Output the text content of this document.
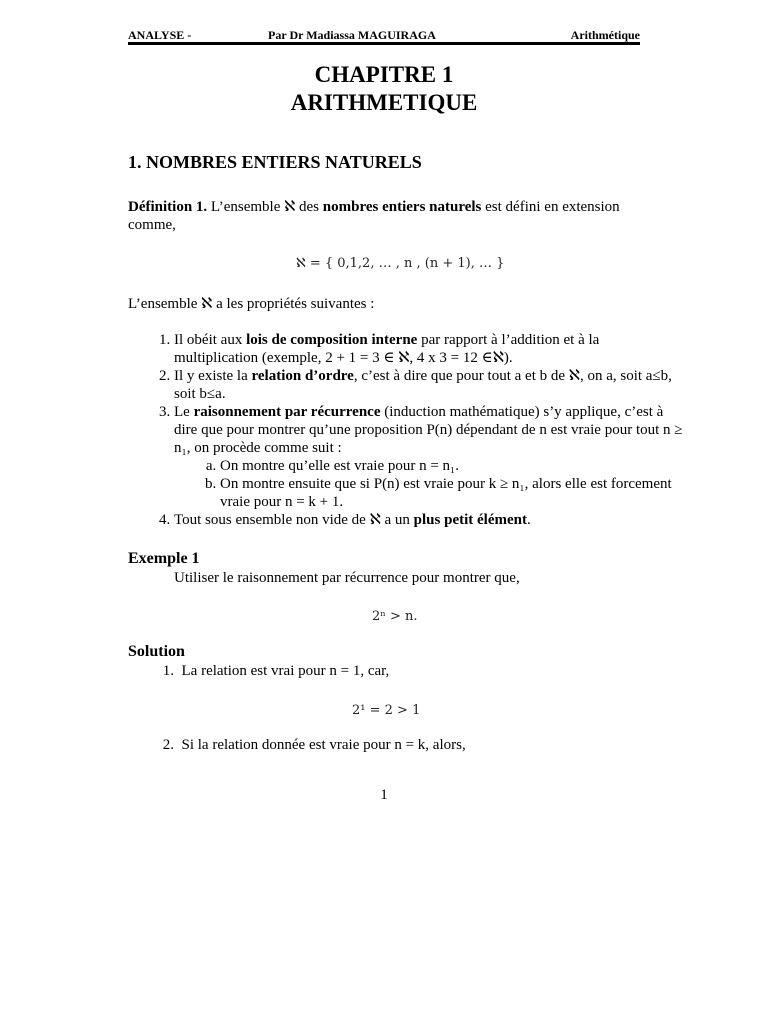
ANALYSE -	Par Dr Madiassa MAGUIRAGA	Arithmétique
CHAPITRE 1
ARITHMETIQUE
1. NOMBRES ENTIERS NATURELS
Définition 1. L’ensemble ℵ des nombres entiers naturels est défini en extension comme,
ℵ = { 0,1,2, … , n , (n + 1), … }
L’ensemble ℵ a les propriétés suivantes :
1. Il obéit aux lois de composition interne par rapport à l’addition et à la multiplication (exemple, 2 + 1 = 3 ∈ ℵ, 4 x 3 = 12 ∈ℵ).
2. Il y existe la relation d’ordre, c’est à dire que pour tout a et b de ℵ, on a, soit a≤b, soit b≤a.
3. Le raisonnement par récurrence (induction mathématique) s’y applique, c’est à dire que pour montrer qu’une proposition P(n) dépendant de n est vraie pour tout n ≥ n₁, on procède comme suit :
a. On montre qu’elle est vraie pour n = n₁.
b. On montre ensuite que si P(n) est vraie pour k ≥ n₁, alors elle est forcement vraie pour n = k + 1.
4. Tout sous ensemble non vide de ℵ a un plus petit élément.
Exemple 1
Utiliser le raisonnement par récurrence pour montrer que,
2ⁿ > n.
Solution
1. La relation est vrai pour n = 1, car,
2¹ = 2 > 1
2. Si la relation donnée est vraie pour n = k, alors,
1
